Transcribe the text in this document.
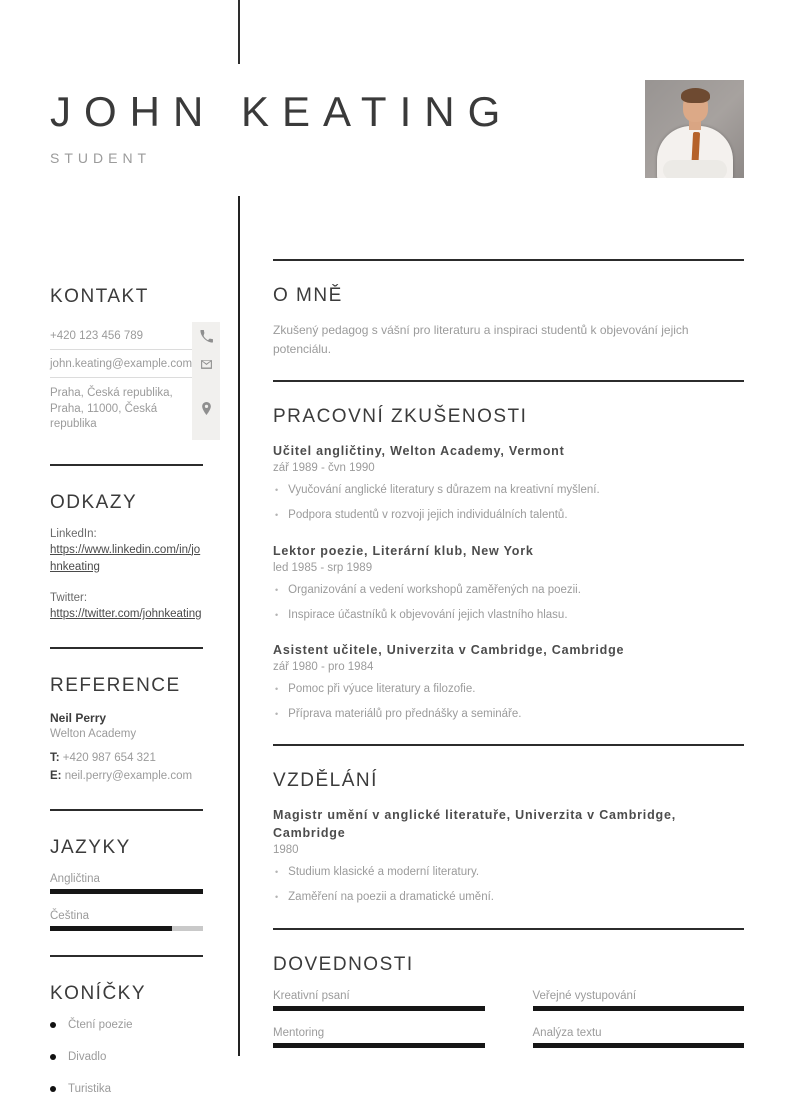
JOHN KEATING
STUDENT
KONTAKT
+420 123 456 789
john.keating@example.com
Praha, Česká republika,
Praha, 11000, Česká republika
ODKAZY
LinkedIn:
https://www.linkedin.com/in/johnkeating
Twitter:
https://twitter.com/johnkeating
REFERENCE
Neil Perry
Welton Academy
T: +420 987 654 321
E: neil.perry@example.com
JAZYKY
Angličtina
Čeština
KONÍČKY
Čtení poezie
Divadlo
Turistika
O MNĚ

Zkušený pedagog s vášní pro literaturu a inspiraci studentů k objevování jejich potenciálu.

PRACOVNÍ ZKUŠENOSTI
Učitel angličtiny, Welton Academy, Vermont
zář 1989 - čvn 1990
• Vyučování anglické literatury s důrazem na kreativní myšlení.
• Podpora studentů v rozvoji jejich individuálních talentů.
Lektor poezie, Literární klub, New York
led 1985 - srp 1989
• Organizování a vedení workshopů zaměřených na poezii.
• Inspirace účastníků k objevování jejich vlastního hlasu.
Asistent učitele, Univerzita v Cambridge, Cambridge
zář 1980 - pro 1984
• Pomoc při výuce literatury a filozofie.
• Příprava materiálů pro přednášky a semináře.
VZDĚLÁNÍ
Magistr umění v anglické literatuře, Univerzita v Cambridge, Cambridge
1980
• Studium klasické a moderní literatury.
• Zaměření na poezii a dramatické umění.
DOVEDNOSTI
Kreativní psaní	Veřejné vystupování
Mentoring	Analýza textu
